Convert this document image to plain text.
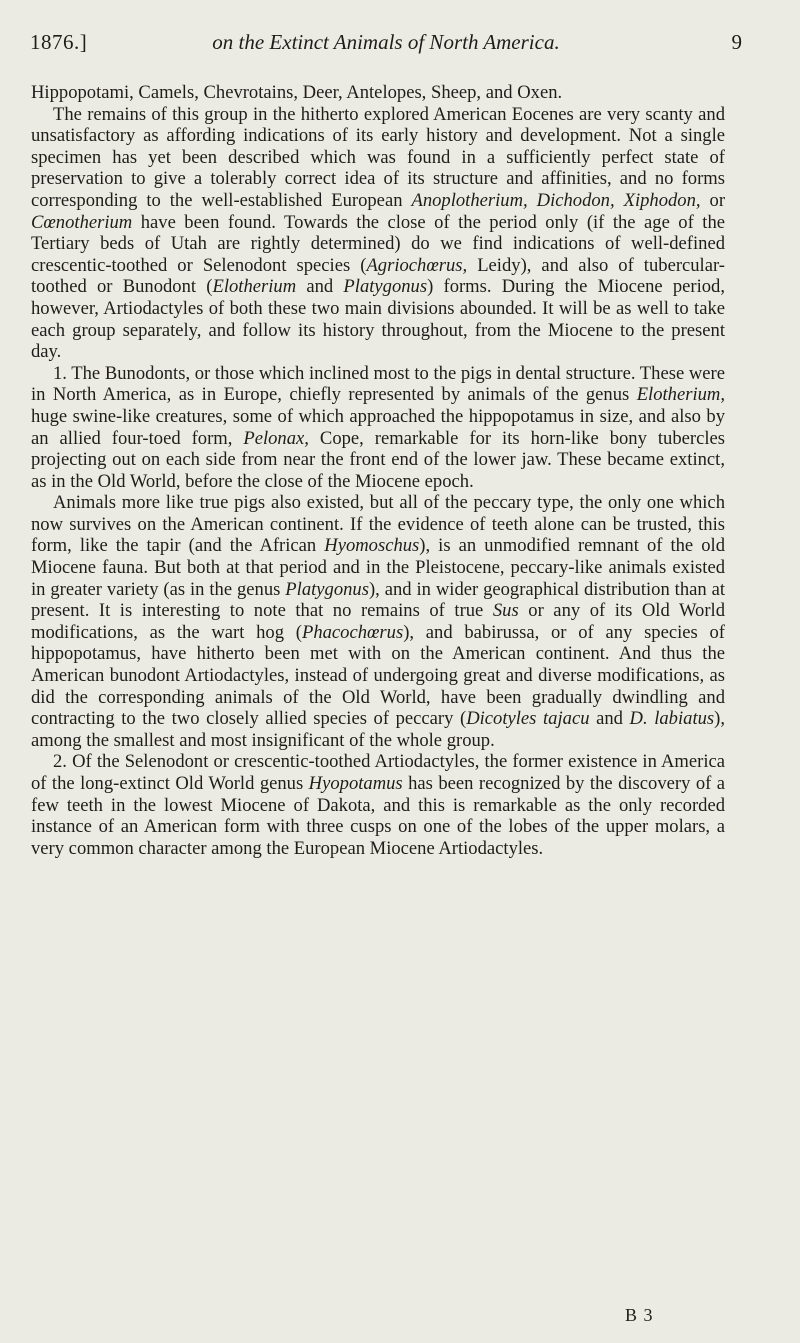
1876.]	on the Extinct Animals of North America.	9

Hippopotami, Camels, Chevrotains, Deer, Antelopes, Sheep, and Oxen.

The remains of this group in the hitherto explored American Eocenes are very scanty and unsatisfactory as affording indications of its early history and development. Not a single specimen has yet been described which was found in a sufficiently perfect state of preservation to give a tolerably correct idea of its structure and affinities, and no forms corresponding to the well-established European Anoplotherium, Dichodon, Xiphodon, or Cœnotherium have been found. Towards the close of the period only (if the age of the Tertiary beds of Utah are rightly determined) do we find indications of well-defined crescentic-toothed or Selenodont species (Agriochœrus, Leidy), and also of tubercular-toothed or Bunodont (Elotherium and Platygonus) forms. During the Miocene period, however, Artiodactyles of both these two main divisions abounded. It will be as well to take each group separately, and follow its history throughout, from the Miocene to the present day.

1. The Bunodonts, or those which inclined most to the pigs in dental structure. These were in North America, as in Europe, chiefly represented by animals of the genus Elotherium, huge swine-like creatures, some of which approached the hippopotamus in size, and also by an allied four-toed form, Pelonax, Cope, remarkable for its horn-like bony tubercles projecting out on each side from near the front end of the lower jaw. These became extinct, as in the Old World, before the close of the Miocene epoch.

Animals more like true pigs also existed, but all of the peccary type, the only one which now survives on the American continent. If the evidence of teeth alone can be trusted, this form, like the tapir (and the African Hyomoschus), is an unmodified remnant of the old Miocene fauna. But both at that period and in the Pleistocene, peccary-like animals existed in greater variety (as in the genus Platygonus), and in wider geographical distribution than at present. It is interesting to note that no remains of true Sus or any of its Old World modifications, as the wart hog (Phacochœrus), and babirussa, or of any species of hippopotamus, have hitherto been met with on the American continent. And thus the American bunodont Artiodactyles, instead of undergoing great and diverse modifications, as did the corresponding animals of the Old World, have been gradually dwindling and contracting to the two closely allied species of peccary (Dicotyles tajacu and D. labiatus), among the smallest and most insignificant of the whole group.

2. Of the Selenodont or crescentic-toothed Artiodactyles, the former existence in America of the long-extinct Old World genus Hyopotamus has been recognized by the discovery of a few teeth in the lowest Miocene of Dakota, and this is remarkable as the only recorded instance of an American form with three cusps on one of the lobes of the upper molars, a very common character among the European Miocene Artiodactyles.

B 3
